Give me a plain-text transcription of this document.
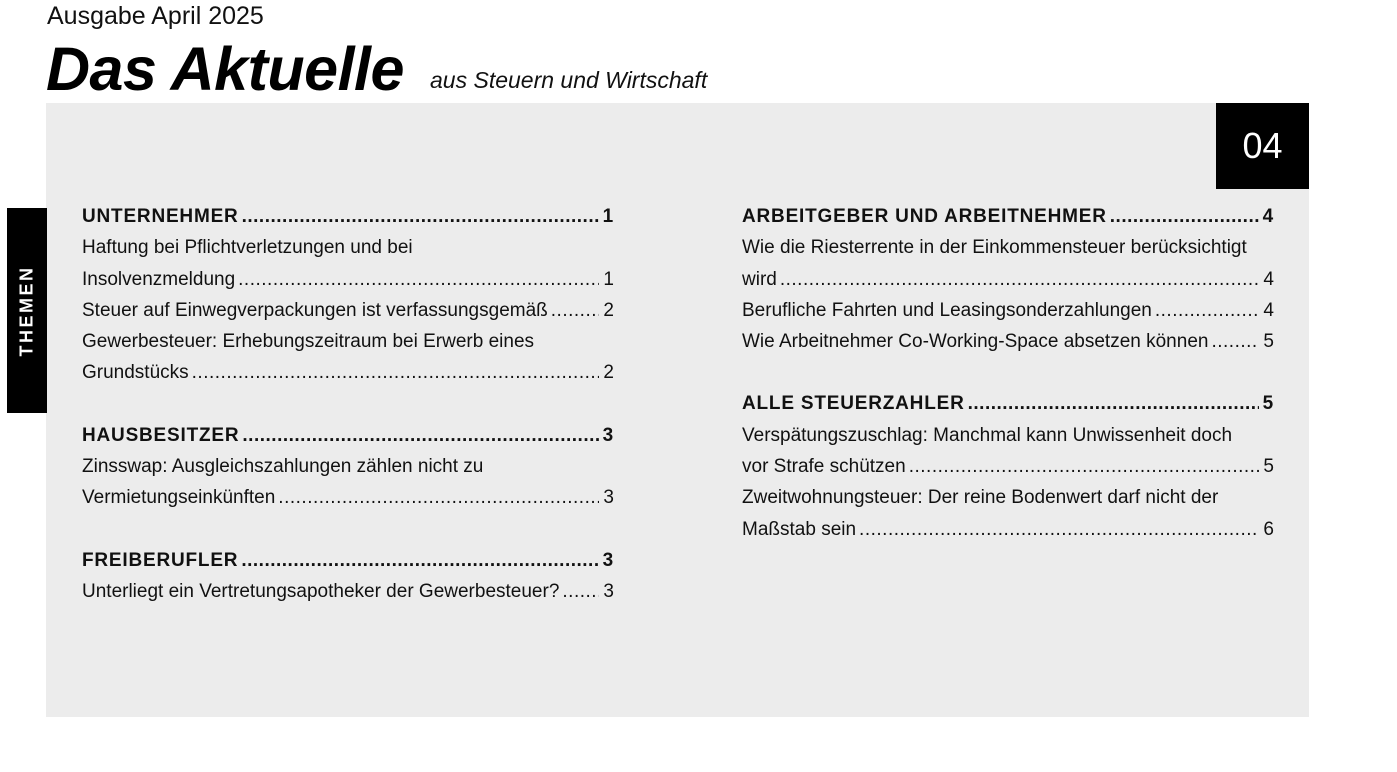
Ausgabe April 2025
Das Aktuelle aus Steuern und Wirtschaft
04
THEMEN
UNTERNEHMER .....	1
Haftung bei Pflichtverletzungen und bei
Insolvenzmeldung .....	1
Steuer auf Einwegverpackungen ist verfassungsgemäß .....	2
Gewerbesteuer: Erhebungszeitraum bei Erwerb eines
Grundstücks .....	2
HAUSBESITZER .....	3
Zinsswap: Ausgleichszahlungen zählen nicht zu
Vermietungseinkünften .....	3
FREIBERUFLER .....	3
Unterliegt ein Vertretungsapotheker der Gewerbesteuer? ..... 3
ARBEITGEBER UND ARBEITNEHMER .....	4
Wie die Riesterrente in der Einkommensteuer berücksichtigt
wird .....	4
Berufliche Fahrten und Leasingsonderzahlungen .....	4
Wie Arbeitnehmer Co-Working-Space absetzen können .....	5
ALLE STEUERZAHLER .....	5
Verspätungszuschlag: Manchmal kann Unwissenheit doch
vor Strafe schützen .....	5
Zweitwohnungsteuer: Der reine Bodenwert darf nicht der
Maßstab sein .....	6
